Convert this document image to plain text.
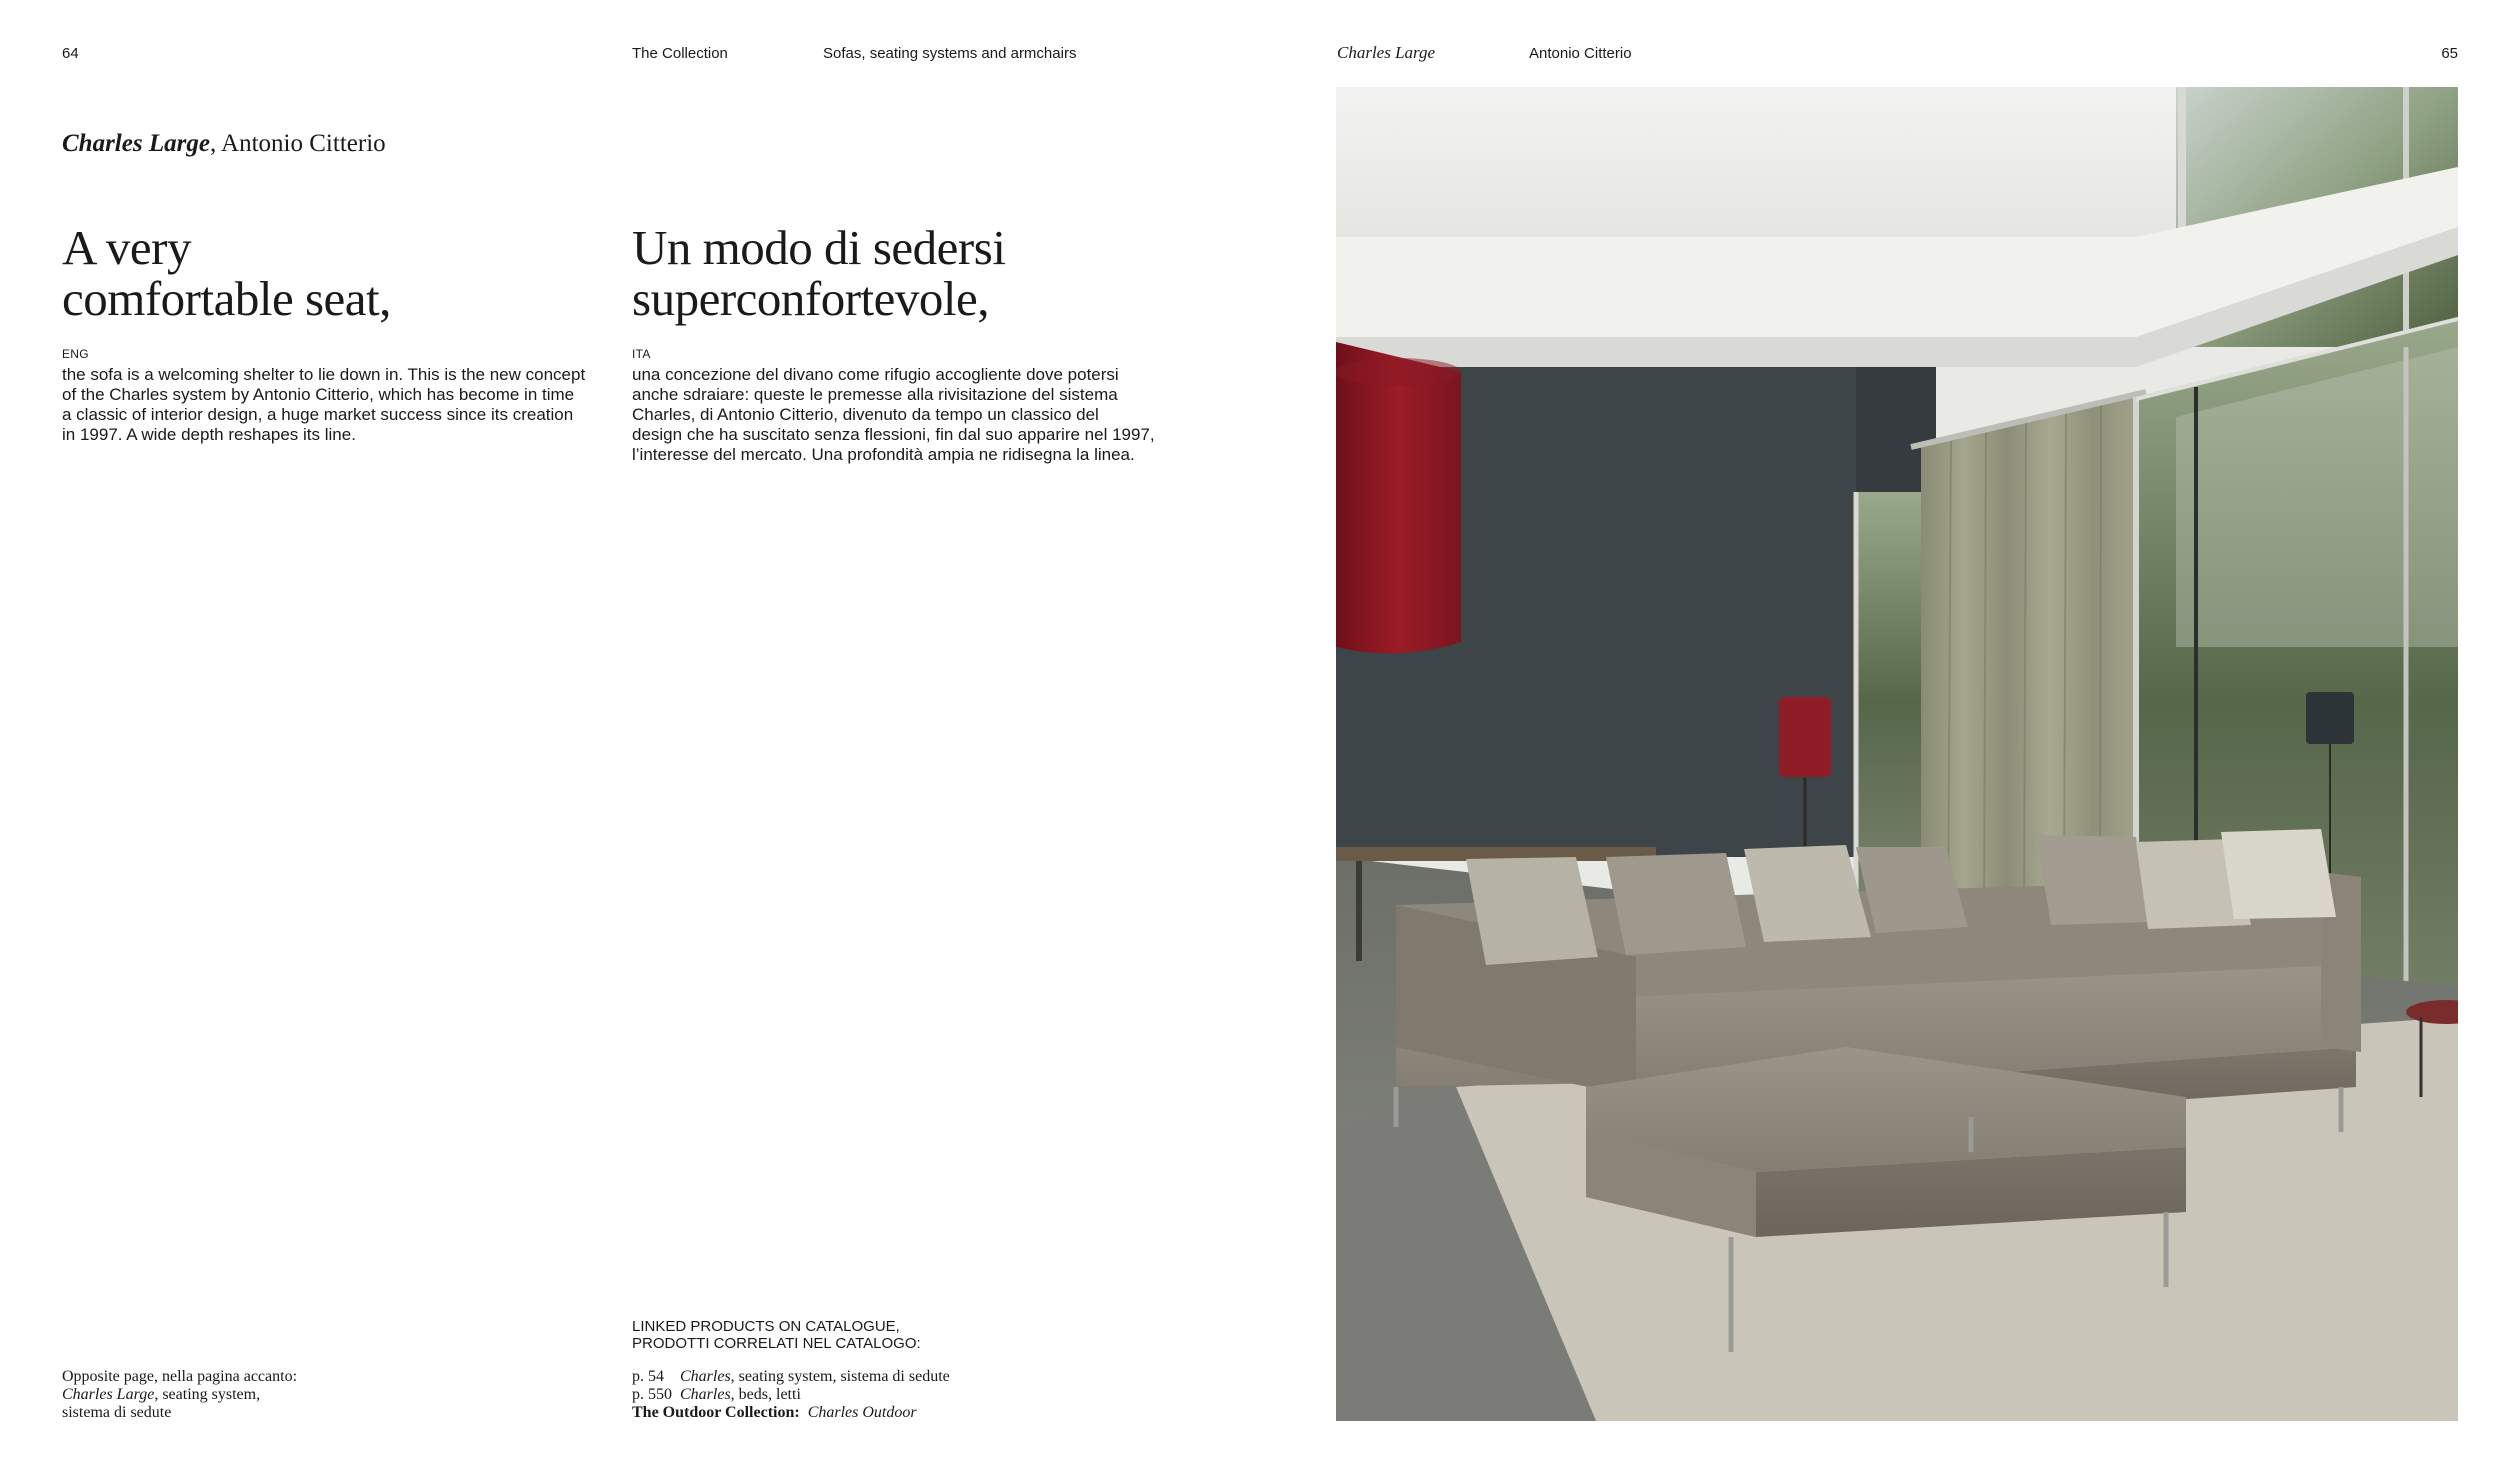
64	The Collection	Sofas, seating systems and armchairs	Charles Large	Antonio Citterio	65
Charles Large, Antonio Citterio
A very
comfortable seat,
ENG
the sofa is a welcoming shelter to lie down in. This is the new concept
of the Charles system by Antonio Citterio, which has become in time
a classic of interior design, a huge market success since its creation
in 1997. A wide depth reshapes its line.
Un modo di sedersi
superconfortevole,
ITA
una concezione del divano come rifugio accogliente dove potersi
anche sdraiare: queste le premesse alla rivisitazione del sistema
Charles, di Antonio Citterio, divenuto da tempo un classico del
design che ha suscitato senza flessioni, fin dal suo apparire nel 1997,
l’interesse del mercato. Una profondità ampia ne ridisegna la linea.
LINKED PRODUCTS ON CATALOGUE,
PRODOTTI CORRELATI NEL CATALOGO:
p. 54 Charles, seating system, sistema di sedute
p. 550 Charles, beds, letti
The Outdoor Collection: Charles Outdoor
Opposite page, nella pagina accanto:
Charles Large, seating system,
sistema di sedute
